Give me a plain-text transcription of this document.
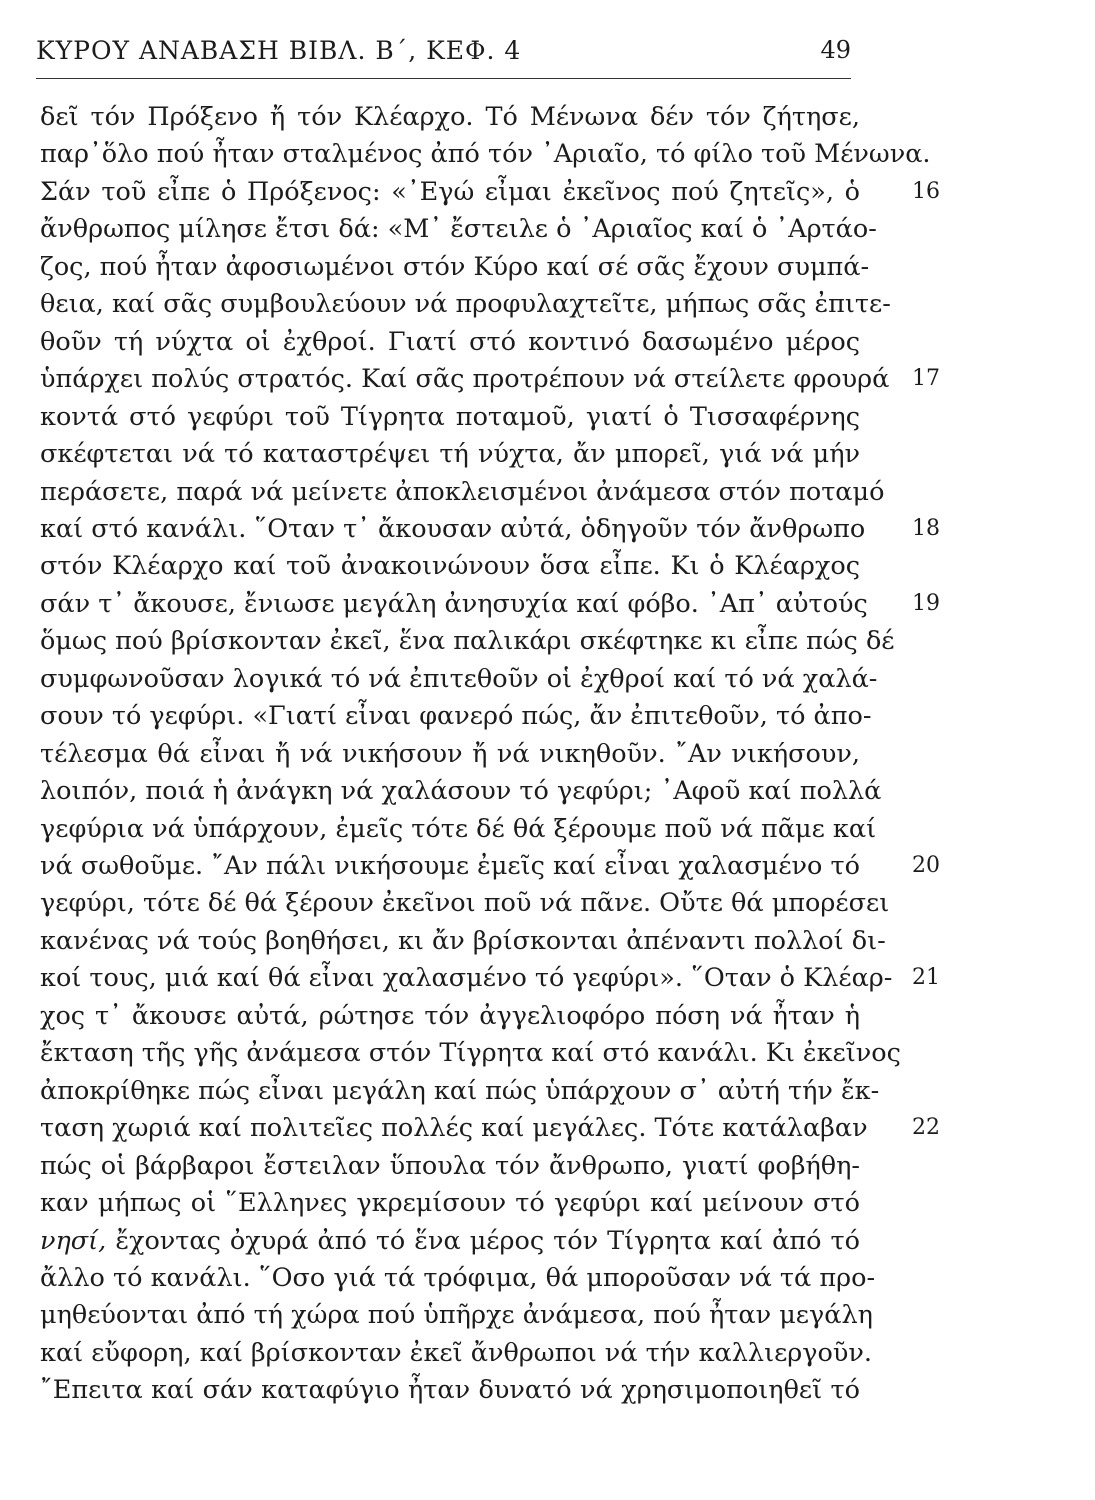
ΚΥΡΟΥ ΑΝΑΒΑΣΗ ΒΙΒΛ. Β΄, ΚΕΦ. 4	49
δεῖ τόν Πρόξενο ἤ τόν Κλέαρχο. Τό Μένωνα δέν τόν ζήτησε,
παρ᾿ὅλο πού ἦταν σταλμένος ἀπό τόν ᾿Αριαῖο, τό φίλο τοῦ Μένωνα.
Σάν τοῦ εἶπε ὁ Πρόξενος: «᾿Εγώ εἶμαι ἐκεῖνος πού ζητεῖς», ὁ 16
ἄνθρωπος μίλησε ἔτσι δά: «Μ᾿ ἔστειλε ὁ ᾿Αριαῖος καί ὁ ᾿Αρτάο-
ζος, πού ἦταν ἀφοσιωμένοι στόν Κύρο καί σέ σᾶς ἔχουν συμπά-
θεια, καί σᾶς συμβουλεύουν νά προφυλαχτεῖτε, μήπως σᾶς ἐπιτε-
θοῦν τή νύχτα οἱ ἐχθροί. Γιατί στό κοντινό δασωμένο μέρος
ὑπάρχει πολύς στρατός. Καί σᾶς προτρέπουν νά στείλετε φρουρά 17
κοντά στό γεφύρι τοῦ Τίγρητα ποταμοῦ, γιατί ὁ Τισσαφέρνης
σκέφτεται νά τό καταστρέψει τή νύχτα, ἄν μπορεῖ, γιά νά μήν
περάσετε, παρά νά μείνετε ἀποκλεισμένοι ἀνάμεσα στόν ποταμό
καί στό κανάλι. ῞Οταν τ᾿ ἄκουσαν αὐτά, ὁδηγοῦν τόν ἄνθρωπο 18
στόν Κλέαρχο καί τοῦ ἀνακοινώνουν ὅσα εἶπε. Κι ὁ Κλέαρχος
σάν τ᾿ ἄκουσε, ἔνιωσε μεγάλη ἀνησυχία καί φόβο. ᾿Απ᾿ αὐτούς 19
ὅμως πού βρίσκονταν ἐκεῖ, ἕνα παλικάρι σκέφτηκε κι εἶπε πώς δέ
συμφωνοῦσαν λογικά τό νά ἐπιτεθοῦν οἱ ἐχθροί καί τό νά χαλά-
σουν τό γεφύρι. «Γιατί εἶναι φανερό πώς, ἄν ἐπιτεθοῦν, τό ἀπο-
τέλεσμα θά εἶναι ἤ νά νικήσουν ἤ νά νικηθοῦν. ῎Αν νικήσουν,
λοιπόν, ποιά ἡ ἀνάγκη νά χαλάσουν τό γεφύρι; ᾿Αφοῦ καί πολλά
γεφύρια νά ὑπάρχουν, ἐμεῖς τότε δέ θά ξέρουμε ποῦ νά πᾶμε καί
νά σωθοῦμε. ῎Αν πάλι νικήσουμε ἐμεῖς καί εἶναι χαλασμένο τό 20
γεφύρι, τότε δέ θά ξέρουν ἐκεῖνοι ποῦ νά πᾶνε. Οὔτε θά μπορέσει
κανένας νά τούς βοηθήσει, κι ἄν βρίσκονται ἀπέναντι πολλοί δι-
κοί τους, μιά καί θά εἶναι χαλασμένο τό γεφύρι». ῞Οταν ὁ Κλέαρ- 21
χος τ᾿ ἄκουσε αὐτά, ρώτησε τόν ἀγγελιοφόρο πόση νά ἦταν ἡ
ἔκταση τῆς γῆς ἀνάμεσα στόν Τίγρητα καί στό κανάλι. Κι ἐκεῖνος
ἀποκρίθηκε πώς εἶναι μεγάλη καί πώς ὑπάρχουν σ᾿ αὐτή τήν ἔκ-
ταση χωριά καί πολιτεῖες πολλές καί μεγάλες. Τότε κατάλαβαν 22
πώς οἱ βάρβαροι ἔστειλαν ὕπουλα τόν ἄνθρωπο, γιατί φοβήθη-
καν μήπως οἱ ῞Ελληνες γκρεμίσουν τό γεφύρι καί μείνουν στό
νησί, ἔχοντας ὀχυρά ἀπό τό ἕνα μέρος τόν Τίγρητα καί ἀπό τό
ἄλλο τό κανάλι. ῞Οσο γιά τά τρόφιμα, θά μποροῦσαν νά τά προ-
μηθεύονται ἀπό τή χώρα πού ὑπῆρχε ἀνάμεσα, πού ἦταν μεγάλη
καί εὔφορη, καί βρίσκονταν ἐκεῖ ἄνθρωποι νά τήν καλλιεργοῦν.
῎Επειτα καί σάν καταφύγιο ἦταν δυνατό νά χρησιμοποιηθεῖ τό
